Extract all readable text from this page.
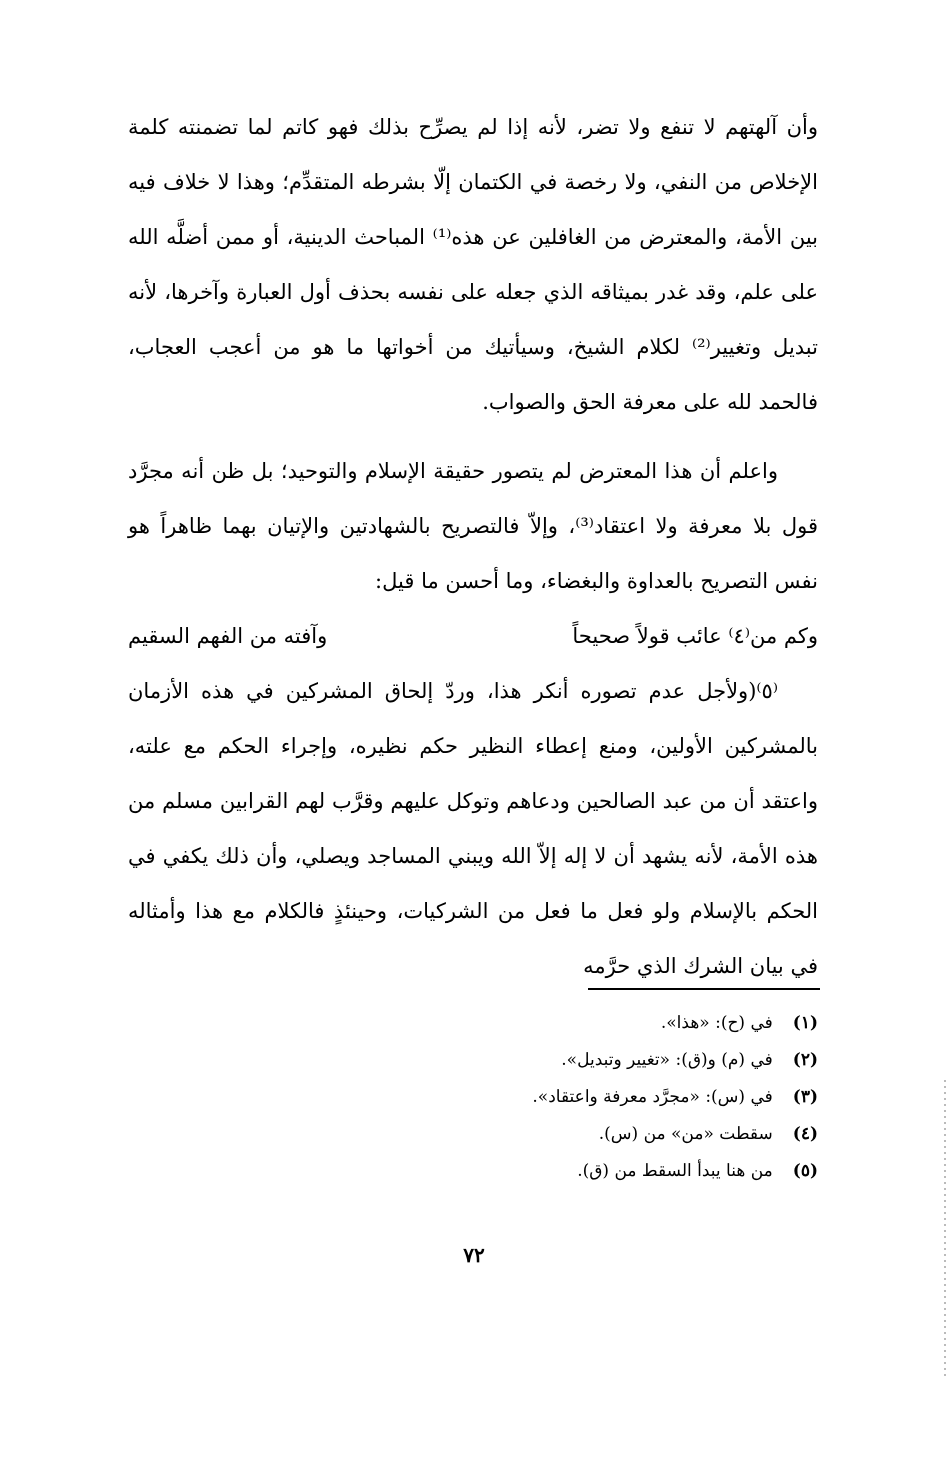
وأن آلهتهم لا تنفع ولا تضر، لأنه إذا لم يصرِّح بذلك فهو كاتم لما تضمنته كلمة الإخلاص من النفي، ولا رخصة في الكتمان إلّا بشرطه المتقدِّم؛ وهذا لا خلاف فيه بين الأمة، والمعترض من الغافلين عن هذه⁽¹⁾ المباحث الدينية، أو ممن أضلَّه الله على علم، وقد غدر بميثاقه الذي جعله على نفسه بحذف أول العبارة وآخرها، لأنه تبديل وتغيير⁽²⁾ لكلام الشيخ، وسيأتيك من أخواتها ما هو من أعجب العجاب، فالحمد لله على معرفة الحق والصواب.

واعلم أن هذا المعترض لم يتصور حقيقة الإسلام والتوحيد؛ بل ظن أنه مجرَّد قول بلا معرفة ولا اعتقاد⁽³⁾، وإلاّ فالتصريح بالشهادتين والإتيان بهما ظاهراً هو نفس التصريح بالعداوة والبغضاء، وما أحسن ما قيل:

وكم من⁽٤⁾ عائب قولاً صحيحاً
وآفته من الفهم السقيم

⁽٥⁾(ولأجل عدم تصوره أنكر هذا، وردّ إلحاق المشركين في هذه الأزمان بالمشركين الأولين، ومنع إعطاء النظير حكم نظيره، وإجراء الحكم مع علته، واعتقد أن من عبد الصالحين ودعاهم وتوكل عليهم وقرَّب لهم القرابين مسلم من هذه الأمة، لأنه يشهد أن لا إله إلاّ الله ويبني المساجد ويصلي، وأن ذلك يكفي في الحكم بالإسلام ولو فعل ما فعل من الشركيات، وحينئذٍ فالكلام مع هذا وأمثاله في بيان الشرك الذي حرَّمه

(١)
في (ح): «هذا».
(٢)
في (م) و(ق): «تغيير وتبديل».
(٣)
في (س): «مجرَّد معرفة واعتقاد».
(٤)
سقطت «من» من (س).
(٥)
من هنا يبدأ السقط من (ق).
٧٢
